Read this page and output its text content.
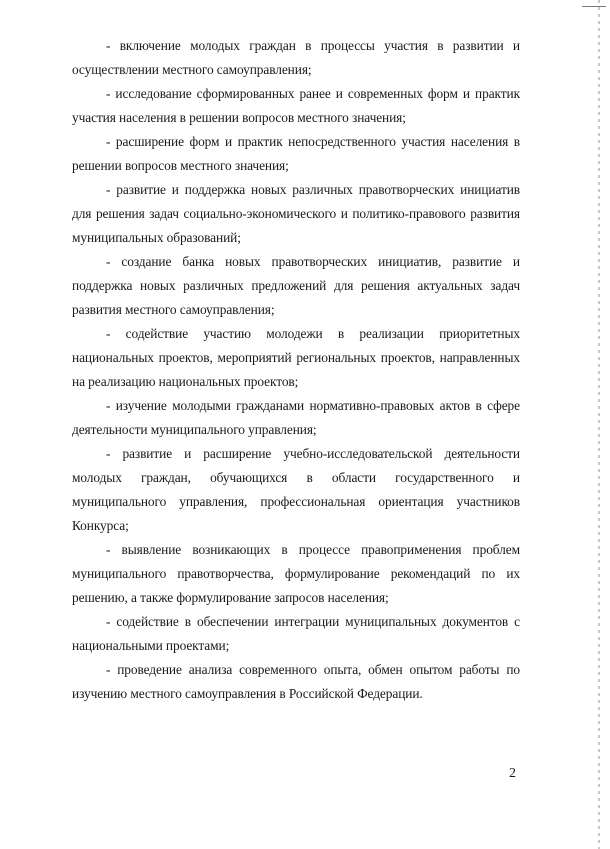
- включение молодых граждан в процессы участия в развитии и осуществлении местного самоуправления;

- исследование сформированных ранее и современных форм и практик участия населения в решении вопросов местного значения;

- расширение форм и практик непосредственного участия населения в решении вопросов местного значения;

- развитие и поддержка новых различных правотворческих инициатив для решения задач социально-экономического и политико-правового развития муниципальных образований;

- создание банка новых правотворческих инициатив, развитие и поддержка новых различных предложений для решения актуальных задач развития местного самоуправления;

- содействие участию молодежи в реализации приоритетных национальных проектов, мероприятий региональных проектов, направленных на реализацию национальных проектов;

- изучение молодыми гражданами нормативно-правовых актов в сфере деятельности муниципального управления;

- развитие и расширение учебно-исследовательской деятельности молодых граждан, обучающихся в области государственного и муниципального управления, профессиональная ориентация участников Конкурса;

- выявление возникающих в процессе правоприменения проблем муниципального правотворчества, формулирование рекомендаций по их решению, а также формулирование запросов населения;

- содействие в обеспечении интеграции муниципальных документов с национальными проектами;

- проведение анализа современного опыта, обмен опытом работы по изучению местного самоуправления в Российской Федерации.

2
